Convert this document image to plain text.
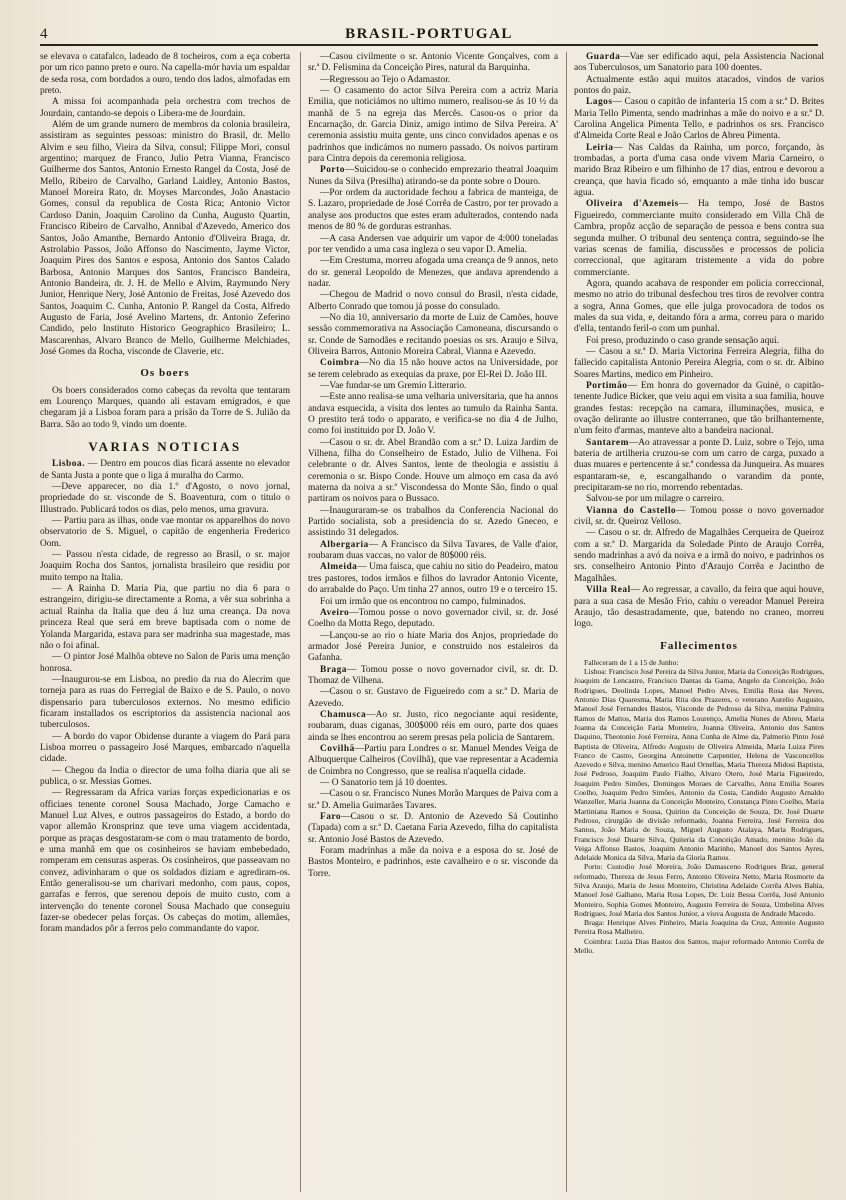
4	BRASIL-PORTUGAL

se elevava o catafalco, ladeado de 8 tocheiros, com a eça coberta por um rico panno preto e ouro. Na capella-mór havia um espaldar de seda rosa, com bordados a ouro, tendo dos lados, almofadas em preto.

A missa foi acompanhada pela orchestra com trechos de Jourdain, cantando-se depois o Libera-me de Jourdain.

Além de um grande numero de membros da colonia brasileira, assistiram as seguintes pessoas: ministro do Brasil, dr. Mello Alvim e seu filho, Vieira da Silva, consul; Filippe Mori, consul argentino; marquez de Franco, Julio Petra Vianna, Francisco Guilherme dos Santos, Antonio Ernesto Rangel da Costa, José de Mello, Ribeiro de Carvalho, Garland Laidley, Antonio Bastos, Manoel Moreira Rato, dr. Moyses Marcondes, João Anastacio Gomes, consul da republica de Costa Rica; Antonio Victor Cardoso Danin, Joaquim Carolino da Cunha, Augusto Quartin, Francisco Ribeiro de Carvalho, Annibal d'Azevedo, Americo dos Santos, João Amanthe, Bernardo Antonio d'Oliveira Braga, dr. Astrolabio Passos, João Affonso do Nascimento, Jayme Victor, Joaquim Pires dos Santos e esposa, Antonio dos Santos Calado Barbosa, Antonio Marques dos Santos, Francisco Bandeira, Antonio Bandeira, dr. J. H. de Mello e Alvim, Raymundo Nery Junior, Henrique Nery, José Antonio de Freitas, José Azevedo dos Santos, Joaquim C. Cunha, Antonio P. Rangel da Costa, Alfredo Augusto de Faria, José Avelino Martens, dr. Antonio Zeferino Candido, pelo Instituto Historico Geographico Brasileiro; L. Mascarenhas, Alvaro Branco de Mello, Guilherme Melchiades, José Gomes da Rocha, visconde de Claverie, etc.

Os boers

Os boers considerados como cabeças da revolta que tentaram em Lourenço Marques, quando ali estavam emigrados, e que chegaram já a Lisboa foram para a prisão da Torre de S. Julião da Barra. São ao todo 9, vindo um doente.

VARIAS NOTICIAS

Lisboa. — Dentro em poucos dias ficará assente no elevador de Santa Justa a ponte que o liga á muralha do Carmo.

—Deve apparecer, no dia 1.º d'Agosto, o novo jornal, propriedade do sr. visconde de S. Boaventura, com o titulo o Illustrado. Publicará todos os dias, pelo menos, uma gravura.

— Partiu para as ilhas, onde vae montar os apparelhos do novo observatorio de S. Miguel, o capitão de engenheria Frederico Oom.

— Passou n'esta cidade, de regresso ao Brasil, o sr. major Joaquim Rocha dos Santos, jornalista brasileiro que residiu por muito tempo na Italia.

— A Rainha D. Maria Pia, que partiu no dia 6 para o estrangeiro, dirigiu-se directamente a Roma, a vêr sua sobrinha a actual Rainha da Italia que deu á luz uma creança. Da nova princeza Real que será em breve baptisada com o nome de Yolanda Margarida, estava para ser madrinha sua magestade, mas não o foi afinal.

— O pintor José Malhôa obteve no Salon de Paris uma menção honrosa.

—Inaugurou-se em Lisboa, no predio da rua do Alecrim que torneja para as ruas do Ferregial de Baixo e de S. Paulo, o novo dispensario para tuberculosos externos. No mesmo edificio ficaram installados os escriptorios da assistencia nacional aos tuberculosos.

— A bordo do vapor Obidense durante a viagem do Pará para Lisboa morreu o passageiro José Marques, embarcado n'aquella cidade.

— Chegou da India o director de uma folha diaria que ali se publica, o sr. Messias Gomes.

— Regressaram da Africa varias forças expedicionarias e os officiaes tenente coronel Sousa Machado, Jorge Camacho e Manuel Luz Alves, e outros passageiros do Estado, a bordo do vapor allemão Kronsprinz que teve uma viagem accidentada, porque as praças desgostaram-se com o mau tratamento de bordo, e uma manhã em que os cosinheiros se haviam embebedado, romperam em censuras asperas. Os cosinheiros, que passeavam no convez, adivinharam o que os soldados diziam e agrediram-os. Então generalisou-se um charivari medonho, com paus, copos, garrafas e ferros, que serenou depois de muito custo, com a intervenção do tenente coronel Sousa Machado que conseguiu fazer-se obedecer pelas forças. Os cabeças do motim, allemães, foram mandados pôr a ferros pelo commandante do vapor.

—Casou civilmente o sr. Antonio Vicente Gonçalves, com a sr.ª D. Felismina da Conceição Pires, natural da Barquinha.

—Regressou ao Tejo o Adamastor.

— O casamento do actor Silva Pereira com a actriz Maria Emilia, que noticiámos no ultimo numero, realisou-se ás 10 ½ da manhã de 5 na egreja das Mercês. Casou-os o prior da Encarnação, dr. Garcia Diniz, amigo intimo de Silva Pereira. A' ceremonia assistiu muita gente, uns cinco convidados apenas e os padrinhos que indicámos no numero passado. Os noivos partiram para Cintra depois da ceremonia religiosa.

Porto—Suicidou-se o conhecido emprezario theatral Joaquim Nunes da Silva (Presilha) atirando-se da ponte sobre o Douro.

—Por ordem da auctoridade fechou a fabrica de manteiga, de S. Lazaro, propriedade de José Corrêa de Castro, por ter provado a analyse aos productos que estes eram adulterados, contendo nada menos de 80 % de gorduras estranhas.

—A casa Andersen vae adquirir um vapor de 4:000 toneladas por ter vendido a uma casa ingleza o seu vapor D. Amelia.

—Em Crestuma, morreu afogada uma creança de 9 annos, neto do sr. general Leopoldo de Menezes, que andava aprendendo a nadar.

—Chegou de Madrid o novo consul do Brasil, n'esta cidade, Alberto Conrado que tomou já posse do consulado.

—No dia 10, anniversario da morte de Luiz de Camões, houve sessão commemorativa na Associação Camoneana, discursando o sr. Conde de Samodães e recitando poesias os srs. Araujo e Silva, Oliveira Barros, Antonio Moreira Cabral, Vianna e Azevedo.

Coimbra—No dia 15 não houve actos na Universidade, por se terem celebrado as exequias da praxe, por El-Rei D. João III.

—Vae fundar-se um Gremio Litterario.

—Este anno realisa-se uma velharia universitaria, que ha annos andava esquecida, a visita dos lentes ao tumulo da Rainha Santa. O prestito terá todo o apparato, e verifica-se no dia 4 de Julho, como foi instituido por D. João V.

—Casou o sr. dr. Abel Brandão com a sr.ª D. Luiza Jardim de Vilhena, filha do Conselheiro de Estado, Julio de Vilhena. Foi celebrante o dr. Alves Santos, lente de theologia e assistiu á ceremonia o sr. Bispo Conde. Houve um almoço em casa da avó materna da noiva a sr.ª Viscondessa do Monte São, findo o qual partiram os noivos para o Bussaco.

—Inauguraram-se os trabalhos da Conferencia Nacional do Partido socialista, sob a presidencia do sr. Azedo Gneceo, e assistindo 31 delegados.

Albergaria— A Francisco da Silva Tavares, de Valle d'aior, roubaram duas vaccas, no valor de 80$000 réis.

Almeida— Uma faisca, que cahiu no sitio do Peadeiro, matou tres pastores, todos irmãos e filhos do lavrador Antonio Vicente, do arrabalde do Paço. Um tinha 27 annos, outro 19 e o terceiro 15.

Foi um irmão que os encontrou no campo, fulminados.

Aveiro—Tomou posse o novo governador civil, sr. dr. José Coelho da Motta Rego, deputado.

—Lançou-se ao rio o hiate Maria dos Anjos, propriedade do armador José Pereira Junior, e construido nos estaleiros da Gafanha.

Braga— Tomou posse o novo governador civil, sr. dr. D. Thomaz de Vilhena.

—Casou o sr. Gustavo de Figueiredo com a sr.ª D. Maria de Azevedo.

Chamusca—Ao sr. Justo, rico negociante aqui residente, roubaram, duas ciganas, 300$000 réis em ouro, parte dos quaes ainda se lhes encontrou ao serem presas pela policia de Santarem.

Covilhã—Partiu para Londres o sr. Manuel Mendes Veiga de Albuquerque Calheiros (Covilhã), que vae representar a Academia de Coimbra no Congresso, que se realisa n'aquella cidade.

— O Sanatorio tem já 10 doentes.

—Casou o sr. Francisco Nunes Morão Marques de Paiva com a sr.ª D. Amelia Guimarães Tavares.

Faro—Casou o sr. D. Antonio de Azevedo Sá Coutinho (Tapada) com a sr.ª D. Caetana Faria Azevedo, filha do capitalista sr. Antonio José Bastos de Azevedo.

Foram madrinhas a mãe da noiva e a esposa do sr. José de Bastos Monteiro, e padrinhos, este cavalheiro e o sr. visconde da Torre.

Guarda—Vae ser edificado aqui, pela Assistencia Nacional aos Tuberculosos, um Sanatorio para 100 doentes.

Actualmente estão aqui muitos atacados, vindos de varios pontos do paiz.

Lagos— Casou o capitão de infanteria 15 com a sr.ª D. Brites Maria Tello Pimenta, sendo madrinhas a mãe do noivo e a sr.ª D. Carolina Angelica Pimenta Tello, e padrinhos os srs. Francisco d'Almeida Corte Real e João Carlos de Abreu Pimenta.

Leiria— Nas Caldas da Rainha, um porco, forçando, às trombadas, a porta d'uma casa onde vivem Maria Carneiro, o marido Braz Ribeiro e um filhinho de 17 dias, entrou e devorou a creança, que havia ficado só, emquanto a mãe tinha ido buscar agua.

Oliveira d'Azemeis— Ha tempo, José de Bastos Figueiredo, commerciante muito considerado em Villa Chã de Cambra, propôz acção de separação de pessoa e bens contra sua segunda mulher. O tribunal deu sentença contra, seguindo-se lhe varias scenas de familia, discussões e processos de policia correccional, que agitaram tristemente a vida do pobre commerciante.

Agora, quando acabava de responder em policia correccional, mesmo no atrio do tribunal desfechou tres tiros de revolver contra a sogra, Anna Gomes, que elle julga provocadora de todos os males da sua vida, e, deitando fóra a arma, correu para o marido d'ella, tentando feril-o com um punhal.

Foi preso, produzindo o caso grande sensação aqui.

— Casou a sr.ª D. Maria Victorina Ferreira Alegria, filha do fallecido capitalista Antonio Pereira Alegria, com o sr. dr. Albino Soares Martins, medico em Pinheiro.

Portimão— Em honra do governador da Guiné, o capitão-tenente Judice Bicker, que veiu aqui em visita a sua familia, houve grandes festas: recepção na camara, illuminações, musica, e ovação delirante ao illustre conterraneo, que tão brilhantemente, n'um feito d'armas, manteve alto a bandeira nacional.

Santarem—Ao atravessar a ponte D. Luiz, sobre o Tejo, uma bateria de artilheria cruzou-se com um carro de carga, puxado a duas muares e pertencente á sr.ª condessa da Junqueira. As muares espantaram-se, e, escangalhando o varandim da ponte, precipitaram-se no rio, morrendo rebentadas.

Salvou-se por um milagre o carreiro.

Vianna do Castello— Tomou posse o novo governador civil, sr. dr. Queiroz Velloso.

— Casou o sr. dr. Alfredo de Magalhães Cerqueira de Queiroz com a sr.ª D. Margarida da Soledade Pinto de Araujo Corrêa, sendo madrinhas a avó da noiva e a irmã do noivo, e padrinhos os srs. conselheiro Antonio Pinto d'Araujo Corrêa e Jacintho de Magalhães.

Villa Real— Ao regressar, a cavallo, da feira que aqui houve, para a sua casa de Mesão Frio, cahiu o vereador Manuel Pereira Araujo, tão desastradamente, que, batendo no craneo, morreu logo.

Fallecimentos

Falleceram de 1 a 15 de Junho:

Lisboa: Francisco José Pereira da Silva Junior, Maria da Conceição Rodrigues, Joaquim de Lencastre, Francisco Dantas da Gama, Angelo da Conceição, João Rodrigues, Deolinda Lopes, Manoel Pedro Alves, Emilia Rosa das Neves, Antonio Dias Quaresma, Maria Rita dos Prazeres, o veterano Aurelio Augusto, Manoel José Fernandes Bastos, Visconde de Pedroso da Silva, menina Palmira Ramos de Mattos, Maria dos Ramos Lourenço, Amelia Nunes de Abreu, Maria Joanna da Conceição Faria Monteiro, Joanna Oliveira, Antonio dos Santos Daquino, Theotonio José Ferreira, Anna Cunha de Alme da, Palmerio Pinto José Baptista de Oliveira, Alfredo Augusto de Oliveira Almeida, Maria Luiza Pires Franco de Castro, Georgina Antoinette Carpentier, Helena de Vasconcellos Azevedo e Silva, menino Americo Raul Ornellas, Maria Thereza Midosi Baptista, José Pedroso, Joaquim Paulo Fialho, Alvaro Otero, José Maria Figueiredo, Joaquim Pedro Simões, Domingos Moraes de Carvalho, Anna Emilia Soares Coelho, Joaquim Pedro Simões, Antonio da Costa, Candido Augusto Arnaldo Wanzeller, Maria Joanna da Conceição Monteiro, Constança Pinto Coelho, Maria Martiniana Ramos e Sousa, Quirino da Conceição de Souza, Dr. José Duarte Pedroso, cirurgião de divisão reformado, Joanna Ferreira, José Ferreira dos Santos, João Maria de Souza, Miguel Augusto Atalaya, Maria Rodrigues, Francisco José Duarte Silva, Quiteria da Conceição Amado, menino João da Veiga Affonso Bastos, Joaquim Antonio Marinho, Manoel dos Santos Ayres, Adelaide Monica da Silva, Maria da Gloria Ramos.

Porto: Custodio José Moreira, João Damasceno Rodrigues Braz, general reformado, Thereza de Jesus Ferro, Antonio Oliveira Netto, Maria Rosmorte da Silva Araujo, Maria de Jesus Monteiro, Christina Adelaide Corrêa Alves Bahia, Manoel José Galhano, Maria Rosa Lopes, Dr. Luiz Bessa Corrêa, José Antonio Monteiro, Sophia Gomes Monteiro, Augusto Ferreira de Souza, Umbelina Alves Rodrigues, José Maria dos Santos Junior, a viuva Augusta de Andrade Macedo.

Braga: Henrique Alves Pinheiro, Maria Joaquina da Cruz, Antonio Augusto Pereira Rosa Malheiro.

Coimbra: Luzia Dias Bastos dos Santos, major reformado Antonio Corrêa de Mello.
